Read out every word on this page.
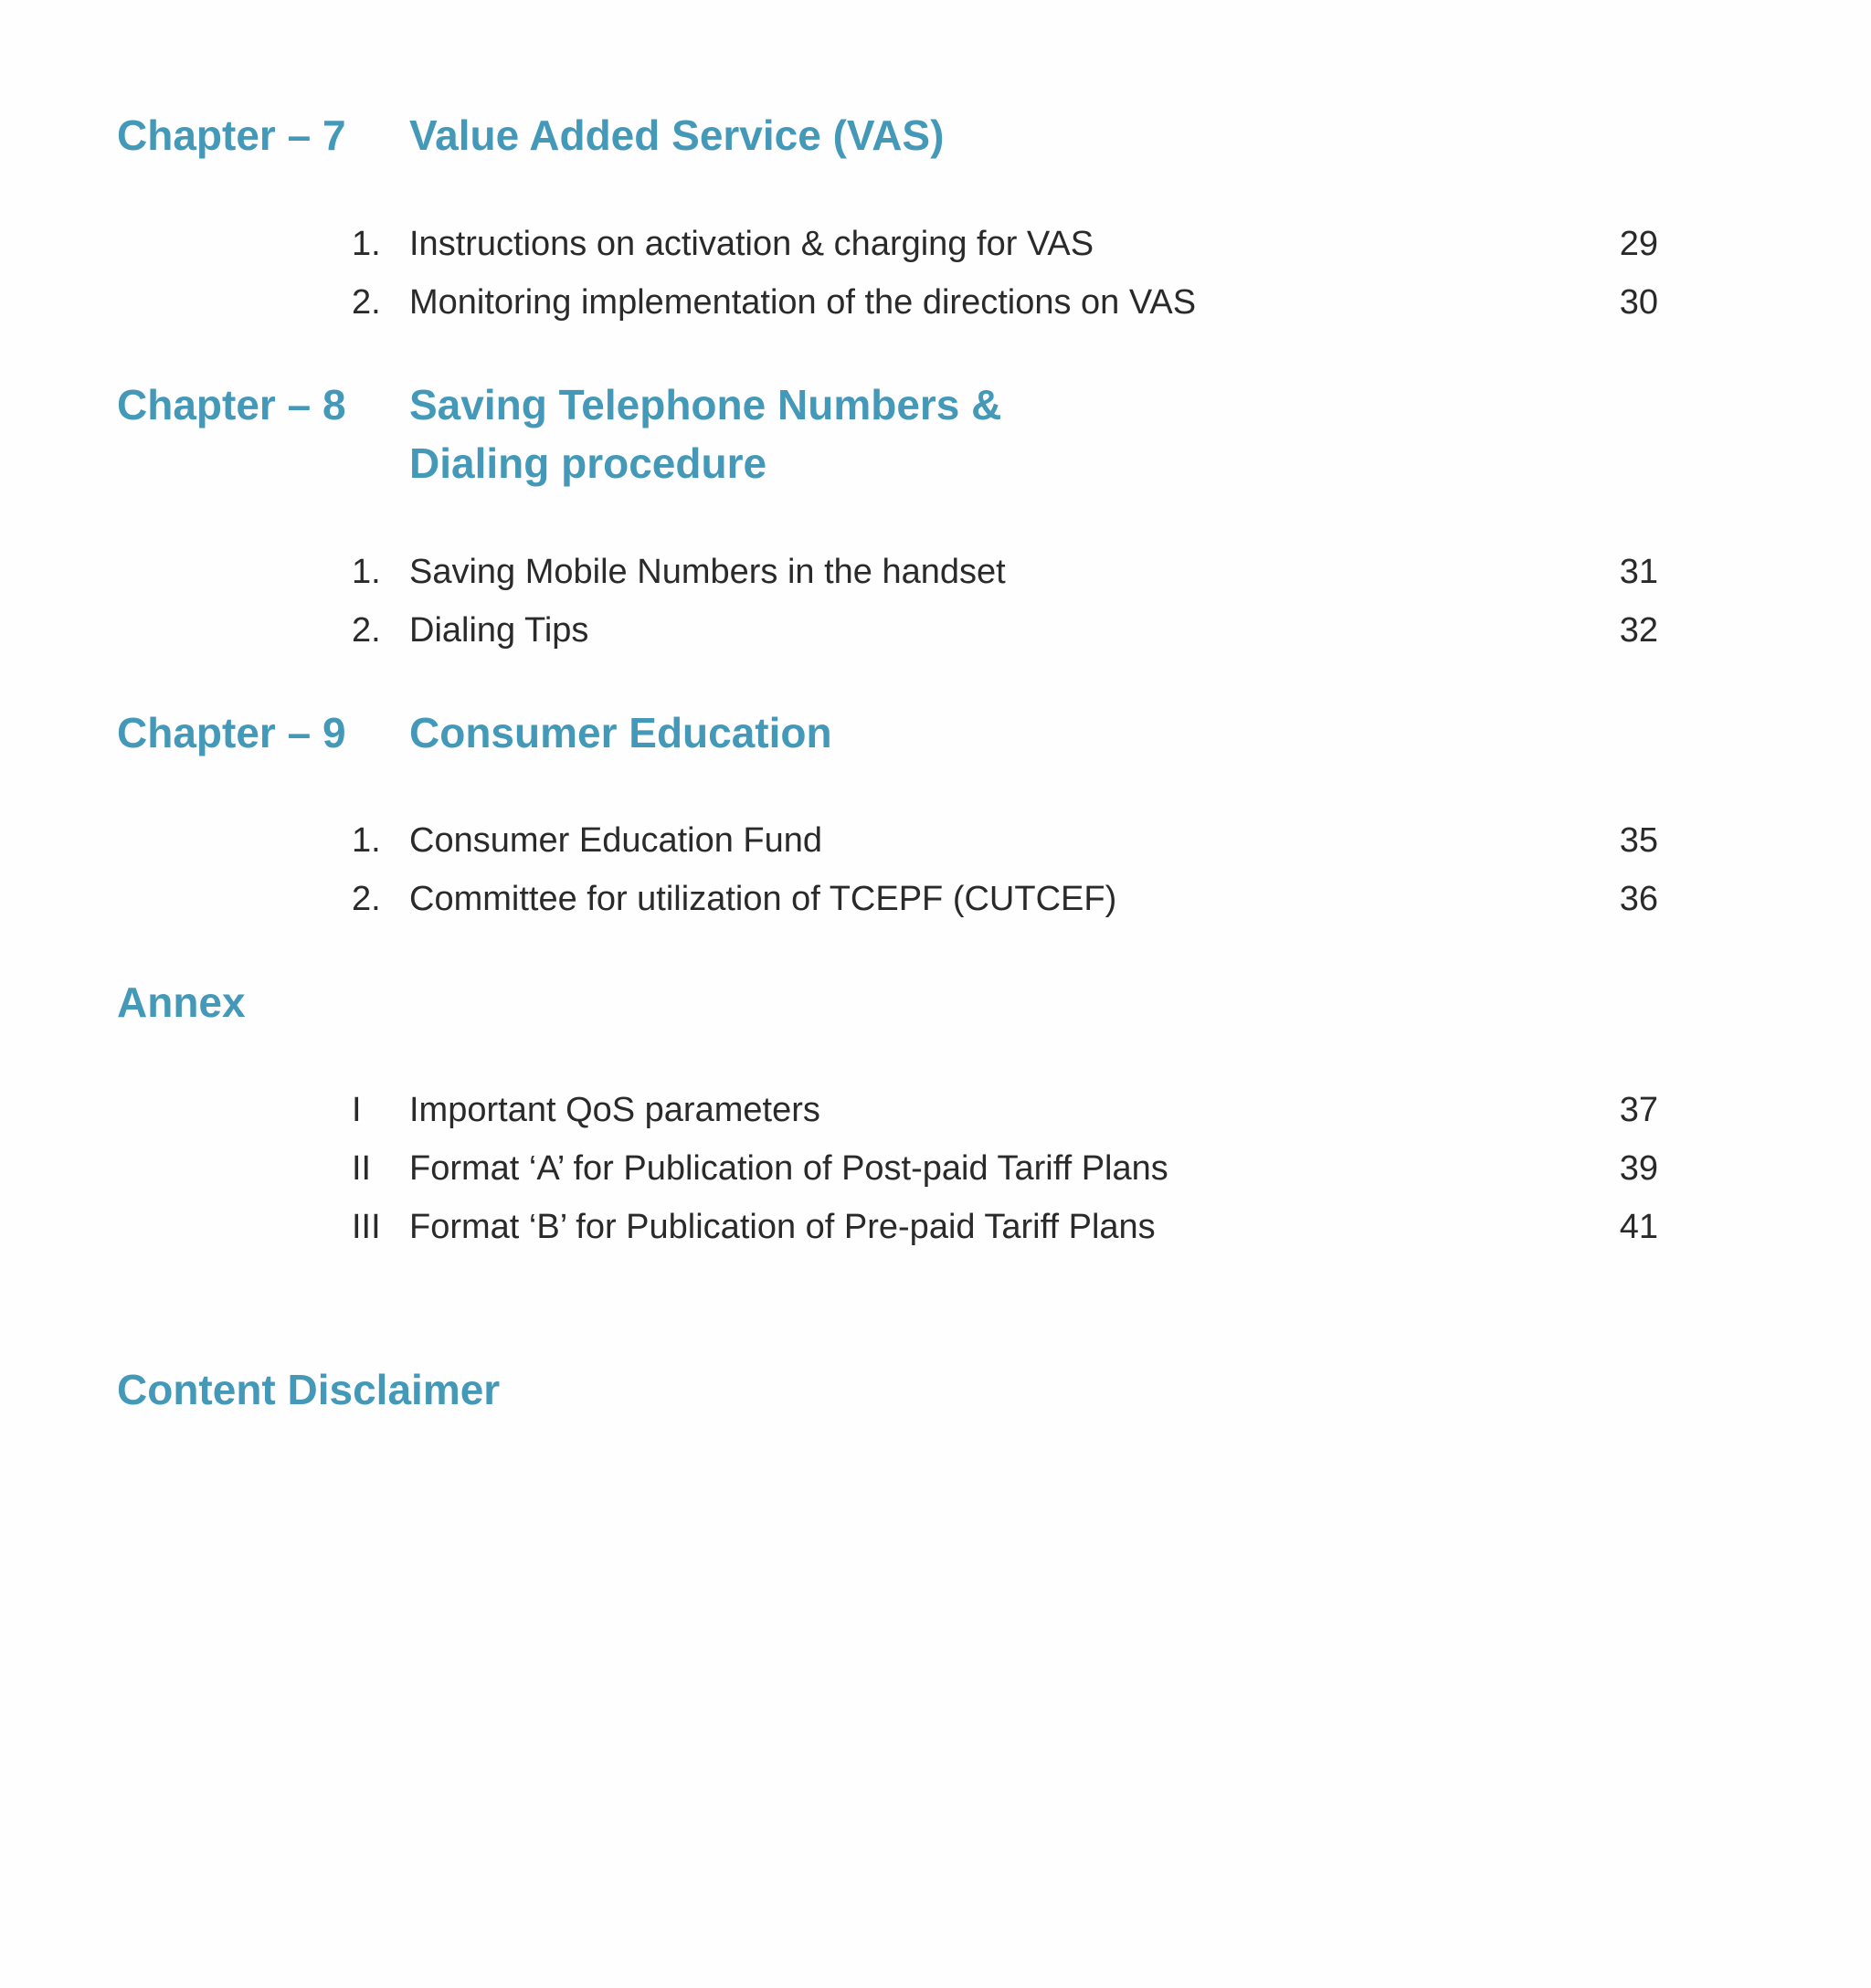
Chapter – 7 Value Added Service (VAS)
1. Instructions on activation & charging for VAS	29
2. Monitoring implementation of the directions on VAS	30
Chapter – 8 Saving Telephone Numbers &
Dialing procedure
1. Saving Mobile Numbers in the handset	31
2. Dialing Tips	32
Chapter – 9 Consumer Education
1. Consumer Education Fund	35
2. Committee for utilization of TCEPF (CUTCEF)	36
Annex
I Important QoS parameters	37
II Format ‘A’ for Publication of Post-paid Tariff Plans	39
III Format ‘B’ for Publication of Pre-paid Tariff Plans	41
Content Disclaimer
